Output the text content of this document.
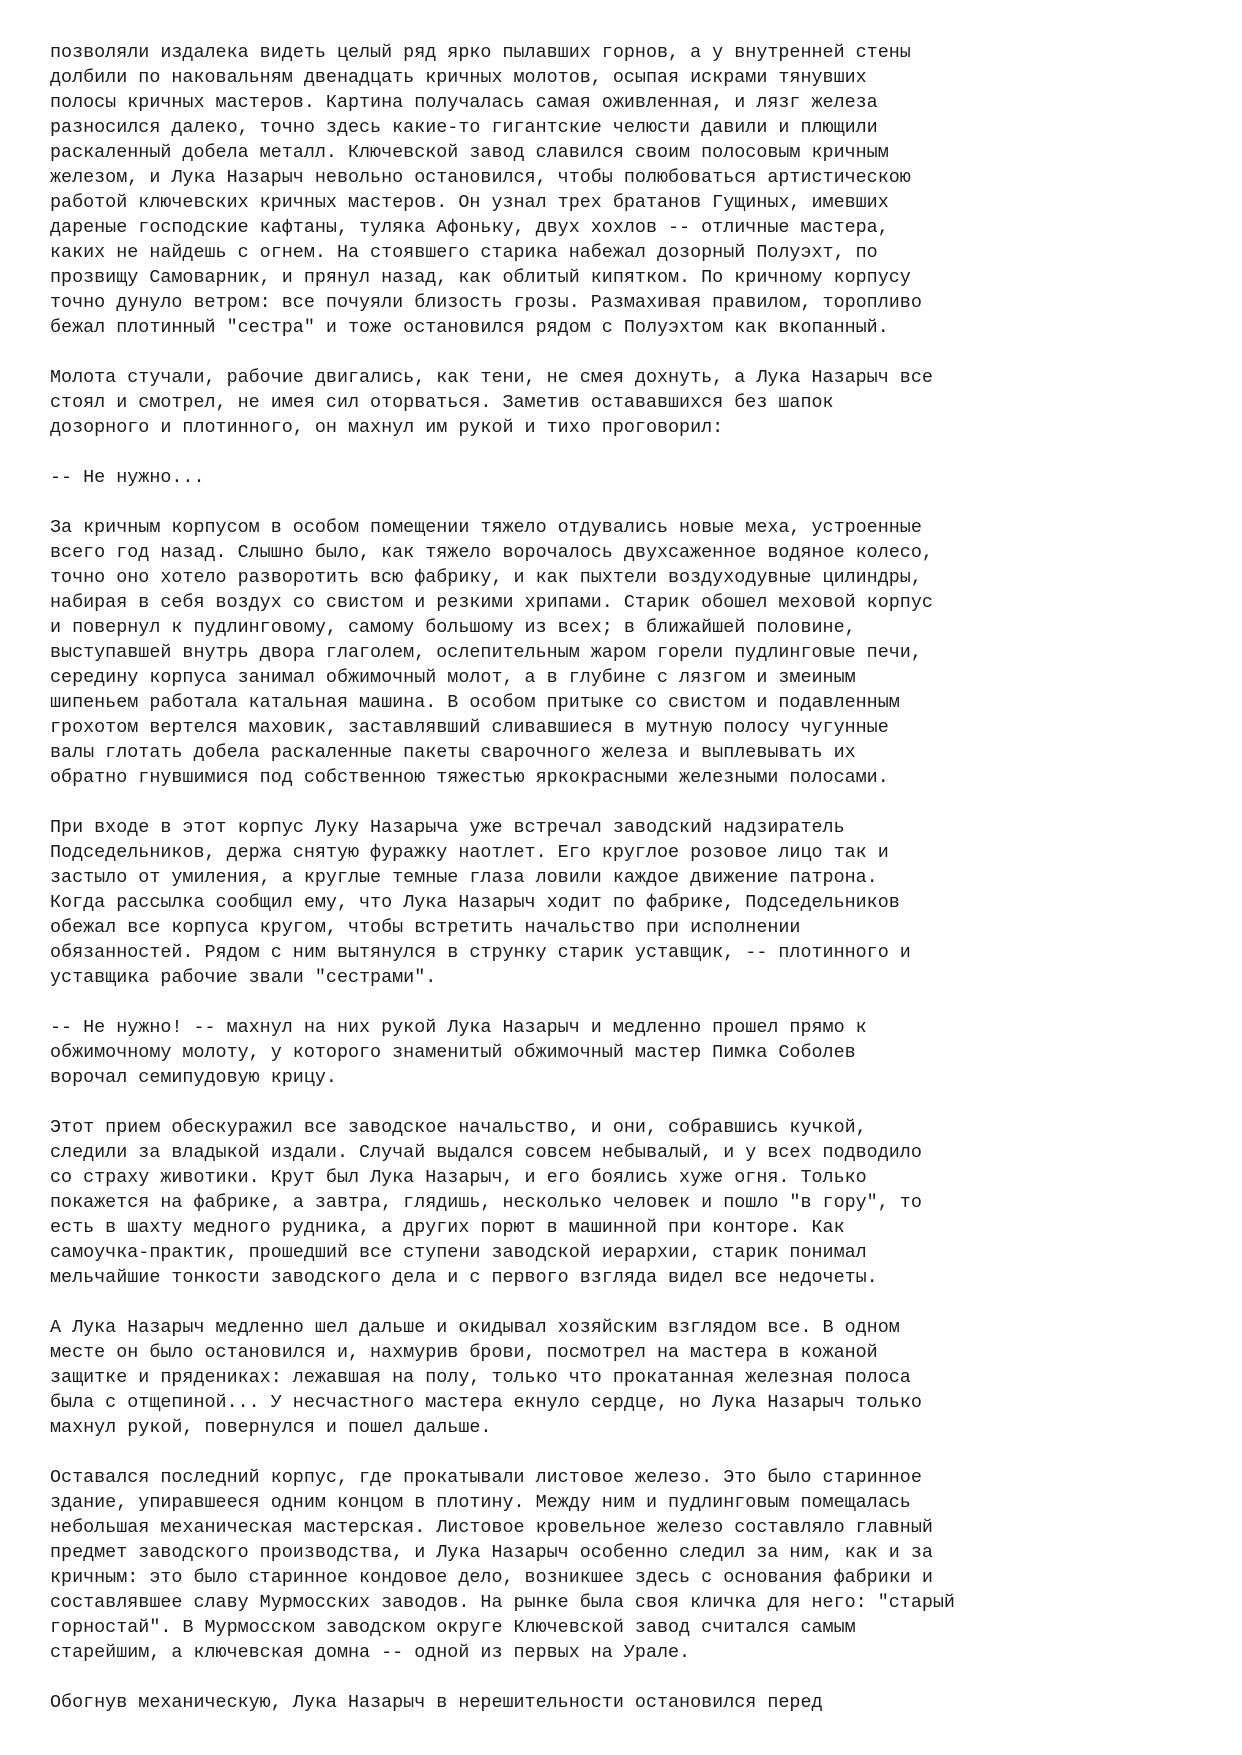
позволяли издалека видеть целый ряд ярко пылавших горнов, а у внутренней стены
долбили по наковальням двенадцать кричных молотов, осыпая искрами тянувших
полосы кричных мастеров. Картина получалась самая оживленная, и лязг железа
разносился далеко, точно здесь какие-то гигантские челюсти давили и плющили
раскаленный добела металл. Ключевской завод славился своим полосовым кричным
железом, и Лука Назарыч невольно остановился, чтобы полюбоваться артистическою
работой ключевских кричных мастеров. Он узнал трех братанов Гущиных, имевших
дареные господские кафтаны, туляка Афоньку, двух хохлов -- отличные мастера,
каких не найдешь с огнем. На стоявшего старика набежал дозорный Полуэхт, по
прозвищу Самоварник, и прянул назад, как облитый кипятком. По кричному корпусу
точно дунуло ветром: все почуяли близость грозы. Размахивая правилом, торопливо
бежал плотинный "сестра" и тоже остановился рядом с Полуэхтом как вкопанный.
Молота стучали, рабочие двигались, как тени, не смея дохнуть, а Лука Назарыч все
стоял и смотрел, не имея сил оторваться. Заметив остававшихся без шапок
дозорного и плотинного, он махнул им рукой и тихо проговорил:
-- Не нужно...
За кричным корпусом в особом помещении тяжело отдувались новые меха, устроенные
всего год назад. Слышно было, как тяжело ворочалось двухсаженное водяное колесо,
точно оно хотело разворотить всю фабрику, и как пыхтели воздуходувные цилиндры,
набирая в себя воздух со свистом и резкими хрипами. Старик обошел меховой корпус
и повернул к пудлинговому, самому большому из всех; в ближайшей половине,
выступавшей внутрь двора глаголем, ослепительным жаром горели пудлинговые печи,
середину корпуса занимал обжимочный молот, а в глубине с лязгом и змеиным
шипеньем работала катальная машина. В особом притыке со свистом и подавленным
грохотом вертелся маховик, заставлявший сливавшиеся в мутную полосу чугунные
валы глотать добела раскаленные пакеты сварочного железа и выплевывать их
обратно гнувшимися под собственною тяжестью яркокрасными железными полосами.
При входе в этот корпус Луку Назарыча уже встречал заводский надзиратель
Подседельников, держа снятую фуражку наотлет. Его круглое розовое лицо так и
застыло от умиления, а круглые темные глаза ловили каждое движение патрона.
Когда рассылка сообщил ему, что Лука Назарыч ходит по фабрике, Подседельников
обежал все корпуса кругом, чтобы встретить начальство при исполнении
обязанностей. Рядом с ним вытянулся в струнку старик уставщик, -- плотинного и
уставщика рабочие звали "сестрами".
-- Не нужно! -- махнул на них рукой Лука Назарыч и медленно прошел прямо к
обжимочному молоту, у которого знаменитый обжимочный мастер Пимка Соболев
ворочал семипудовую крицу.
Этот прием обескуражил все заводское начальство, и они, собравшись кучкой,
следили за владыкой издали. Случай выдался совсем небывалый, и у всех подводило
со страху животики. Крут был Лука Назарыч, и его боялись хуже огня. Только
покажется на фабрике, а завтра, глядишь, несколько человек и пошло "в гору", то
есть в шахту медного рудника, а других порют в машинной при конторе. Как
самоучка-практик, прошедший все ступени заводской иерархии, старик понимал
мельчайшие тонкости заводского дела и с первого взгляда видел все недочеты.
А Лука Назарыч медленно шел дальше и окидывал хозяйским взглядом все. В одном
месте он было остановился и, нахмурив брови, посмотрел на мастера в кожаной
защитке и прядениках: лежавшая на полу, только что прокатанная железная полоса
была с отщепиной... У несчастного мастера екнуло сердце, но Лука Назарыч только
махнул рукой, повернулся и пошел дальше.
Оставался последний корпус, где прокатывали листовое железо. Это было старинное
здание, упиравшееся одним концом в плотину. Между ним и пудлинговым помещалась
небольшая механическая мастерская. Листовое кровельное железо составляло главный
предмет заводского производства, и Лука Назарыч особенно следил за ним, как и за
кричным: это было старинное кондовое дело, возникшее здесь с основания фабрики и
составлявшее славу Мурмосских заводов. На рынке была своя кличка для него: "старый
горностай". В Мурмосском заводском округе Ключевской завод считался самым
старейшим, а ключевская домна -- одной из первых на Урале.
Обогнув механическую, Лука Назарыч в нерешительности остановился перед
